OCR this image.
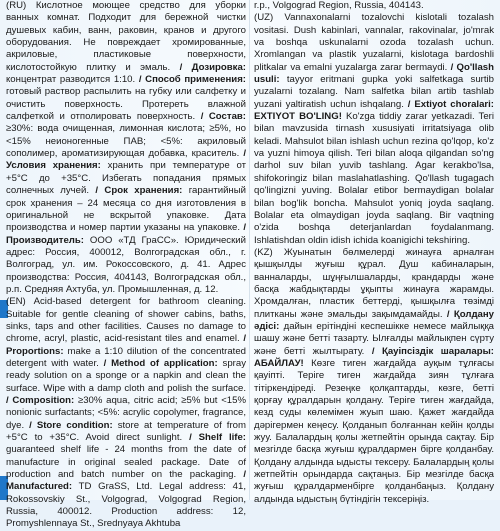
(RU) Кислотное моющее средство для уборки ванных комнат. Подходит для бережной чистки душевых кабин, ванн, раковин, кранов и другого оборудования. Не повреждает хромированные, акриловые, пластиковые поверхности, кислотостойкую плитку и эмаль. / Дозировка: концентрат разводится 1:10. / Способ применения: готовый раствор распылить на губку или салфетку и очистить поверхность. Протереть влажной салфеткой и отполировать поверхность. / Состав: ≥30%: вода очищенная, лимонная кислота; ≥5%, но <15% неионогенные ПАВ; <5%: акриловый сополимер, ароматизирующая добавка, краситель. / Условия хранения: хранить при температуре от +5°С до +35°С. Избегать попадания прямых солнечных лучей. / Срок хранения: гарантийный срок хранения – 24 месяца со дня изготовления в оригинальной не вскрытой упаковке. Дата производства и номер партии указаны на упаковке. / Производитель: ООО «ТД ГраСС». Юридический адрес: Россия, 400012, Волгоградская обл., г. Волгоград, ул. им. Рокоссовского, д. 41. Адрес производства: Россия, 404143, Волгоградская обл., р.п. Средняя Ахтуба, ул. Промышленная, д. 12.

(EN) Acid-based detergent for bathroom cleaning. Suitable for gentle cleaning of shower cabins, baths, sinks, taps and other facilities. Causes no damage to chrome, acryl, plastic, acid-resistant tiles and enamel. / Proportions: make a 1:10 dilution of the concentrated detergent with water. / Method of application: spray ready solution on a sponge or a napkin and clean the surface. Wipe with a damp cloth and polish the surface. / Composition: ≥30% aqua, citric acid; ≥5% but <15% nonionic surfactants; <5%: acrylic copolymer, fragrance, dye. / Store condition: store at temperature of from +5°C to +35°C. Avoid direct sunlight. / Shelf life: guaranteed shelf life - 24 months from the date of manufacture in original sealed package. Date of production and batch number on the packaging. / Manufactured: TD GraSS, Ltd. Legal address: 41, Rokossovskiy St., Volgograd, Volgograd Region, Russia, 400012. Production address: 12, Promyshlennaya St., Srednyaya Akhtuba

r.p., Volgograd Region, Russia, 404143.

(UZ) Vannaxonalarni tozalovchi kislotali tozalash vositasi. Dush kabinlari, vannalar, rakovinalar, jo'mrak va boshqa uskunalarni ozoda tozalash uchun. Xromlangan va plastik yuzalarni, kislotaga bardoshli plitkalar va emalni yuzalarga zarar bermaydi. / Qo'llash usuli: tayyor eritmani gupka yoki salfetkaga surtib yuzalarni tozalang. Nam salfetka bilan artib tashlab yuzani yaltiratish uchun ishqalang. / Extiyot choralari: EXTIYOT BO'LING! Ko'zga tiddiy zarar yetkazadi. Teri bilan mavzusida tirnash xususiyati irritatsiyaga olib keladi. Mahsulot bilan ishlash uchun rezina qo'lqop, ko'z va yuzni himoya qilish. Teri bilan aloqa qilgandan so'ng darhol suv bilan yuvib tashlang. Agar kerakbo'lsa, shifokoringiz bilan maslahatlashing. Qo'llash tugagach qo'lingizni yuving. Bolalar etibor bermaydigan bolalar bilan bog'lik boncha. Mahsulot yoniq joyda saqlang. Bolalar eta olmaydigan joyda saqlang. Bir vaqtning o'zida boshqa deterjanlardan foydalanmang. Ishlatishdan oldin idish ichida koanigichi tekshiring.

(KZ) Жуынатын бөлмелерді жинауға арналған қышқылды жуғыш құрал. Душ кабиналарын, ванналарды, шұңғылшаларды, крандарды және басқа жабдықтарды ұқыпты жинауға жарамды. Хромдалған, пластик беттерді, қышқылға төзімді плитканы және эмальды зақымдамайды. / Қолдану әдісі: дайын ерітіндіні кеспешікке немесе майлыққа шашу және бетті тазарту. Ылғалды майлықпен сүрту және бетті жылтырату. / Қауіпсіздік шаралары: АБАЙЛАУ! Көзге тиген жағдайда ауқым тұлғасы қауіпті. Теріге тиген жағдайда зиян тұлғаға тітіркендіреді. Резеңке қолқаптарды, көзге, бетті қорғау құралдарын қолдану. Теріге тиген жағдайда, кезд суды көлемімен жуып шаю. Қажет жағдайда дәрігермен кеңесу. Қолданып болғаннан кейін қолды жуу. Балалардың қолы жетпейтін орында сақтау. Бір мезгілде басқа жуғыш құралдармен бірге қолданбау. Қолдану алдында ыдысты тексеру. Балалардың қолы жетпейтін орындарда сақтаңыз. Бір мезгілде басқа жуғыш құралдарменбірге қолданбаңыз. Қолдану алдында ыдыстың бүтіндігін тексеріңіз.
